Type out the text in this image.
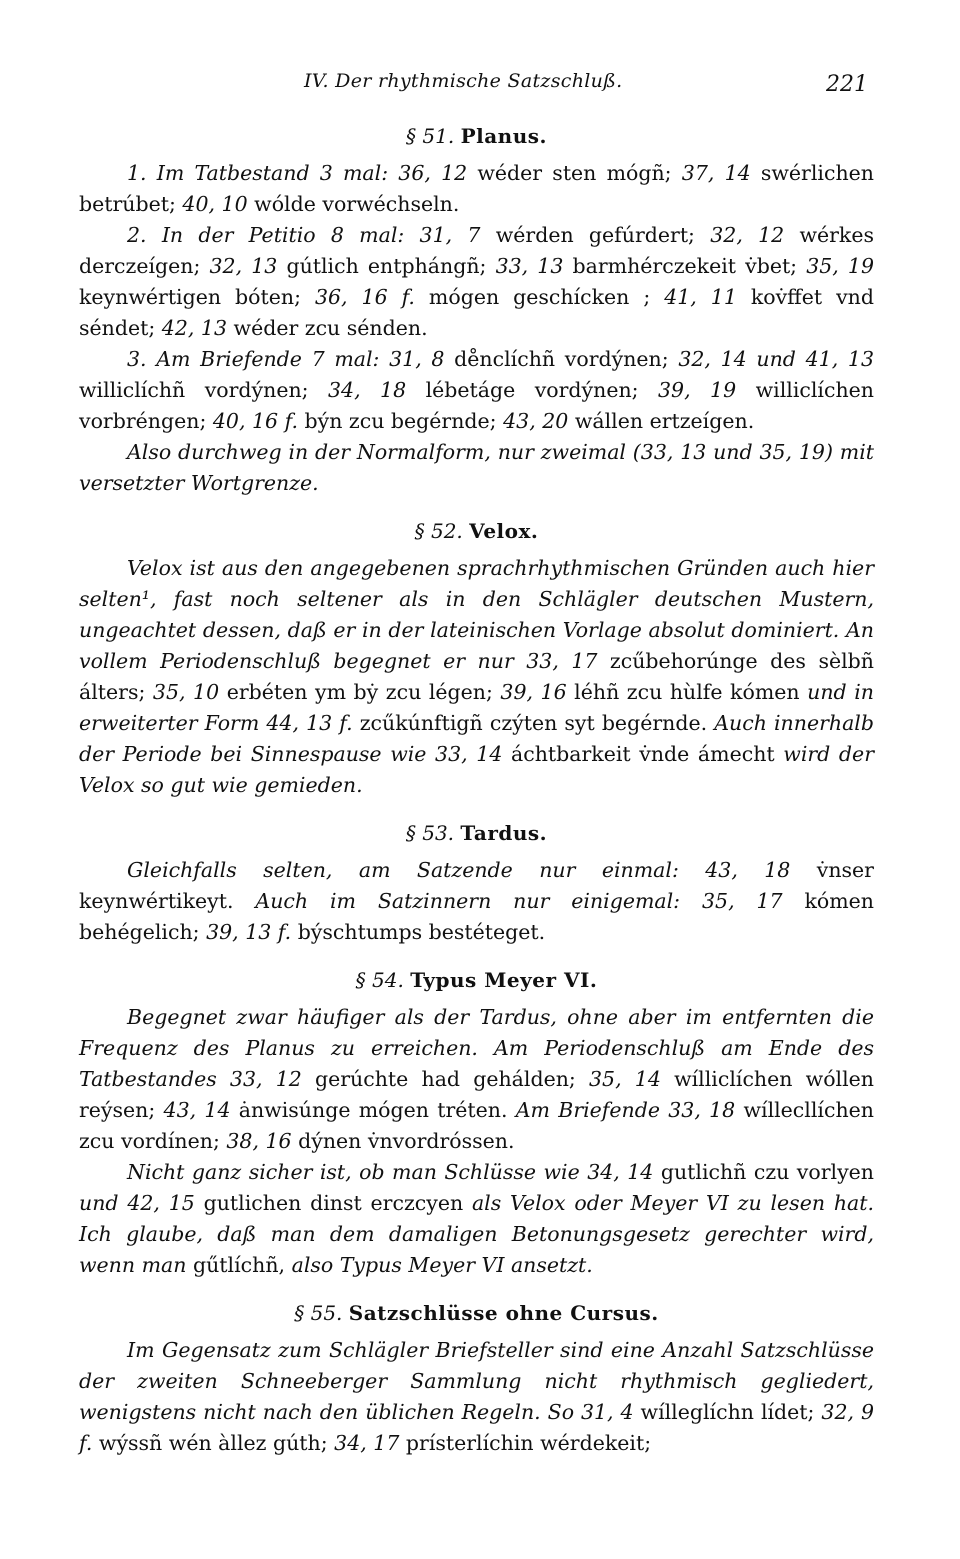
IV. Der rhythmische Satzschluß.	221
§ 51. Planus.

1. Im Tatbestand 3 mal: 36, 12 wéder sten mógñ; 37, 14 swérlichen betrúbet; 40, 10 wólde vorwéchseln.

2. In der Petitio 8 mal: 31, 7 wérden gefúrdert; 32, 12 wérkes derczeígen; 32, 13 gútlich entphángñ; 33, 13 barmhérczekeit v̇bet; 35, 19 keynwértigen bóten; 36, 16 f. mógen geschícken ; 41, 11 kov̇ffet vnd séndet; 42, 13 wéder zcu sénden.

3. Am Briefende 7 mal: 31, 8 de̊nclíchñ vordýnen; 32, 14 und 41, 13 williclíchñ vordýnen; 34, 18 lébetáge vordýnen; 39, 19 williclíchen vorbréngen; 40, 16 f. býn zcu begérnde; 43, 20 wállen ertzeígen.

Also durchweg in der Normalform, nur zweimal (33, 13 und 35, 19) mit versetzter Wortgrenze.

§ 52. Velox.

Velox ist aus den angegebenen sprachrhythmischen Gründen auch hier selten¹, fast noch seltener als in den Schlägler deutschen Mustern, ungeachtet dessen, daß er in der lateinischen Vorlage absolut dominiert. An vollem Periodenschluß begegnet er nur 33, 17 zcűbehorúnge des sèlbñ álters; 35, 10 erbéten ym bẏ zcu légen; 39, 16 léhñ zcu hùlfe kómen und in erweiterter Form 44, 13 f. zcűkúnftigñ czýten syt begérnde. Auch innerhalb der Periode bei Sinnespause wie 33, 14 áchtbarkeit v̇nde ámecht wird der Velox so gut wie gemieden.

§ 53. Tardus.

Gleichfalls selten, am Satzende nur einmal: 43, 18 v̇nser keynwértikeyt. Auch im Satzinnern nur einigemal: 35, 17 kómen behégelich; 39, 13 f. býschtumps bestéteget.

§ 54. Typus Meyer VI.

Begegnet zwar häufiger als der Tardus, ohne aber im entfernten die Frequenz des Planus zu erreichen. Am Periodenschluß am Ende des Tatbestandes 33, 12 gerúchte had gehálden; 35, 14 wílliclíchen wóllen reýsen; 43, 14 ȧnwisúnge mógen tréten. Am Briefende 33, 18 wíllecllíchen zcu vordínen; 38, 16 dýnen v̇nvordróssen.

Nicht ganz sicher ist, ob man Schlüsse wie 34, 14 gutlichñ czu vorlyen und 42, 15 gutlichen dinst erczcyen als Velox oder Meyer VI zu lesen hat. Ich glaube, daß man dem damaligen Betonungsgesetz gerechter wird, wenn man gűtlíchñ, also Typus Meyer VI ansetzt.

§ 55. Satzschlüsse ohne Cursus.

Im Gegensatz zum Schlägler Briefsteller sind eine Anzahl Satzschlüsse der zweiten Schneeberger Sammlung nicht rhythmisch gegliedert, wenigstens nicht nach den üblichen Regeln. So 31, 4 wílleglíchn lídet; 32, 9 f. wýssñ wén àllez gúth; 34, 17 prísterlíchin wérdekeit;
